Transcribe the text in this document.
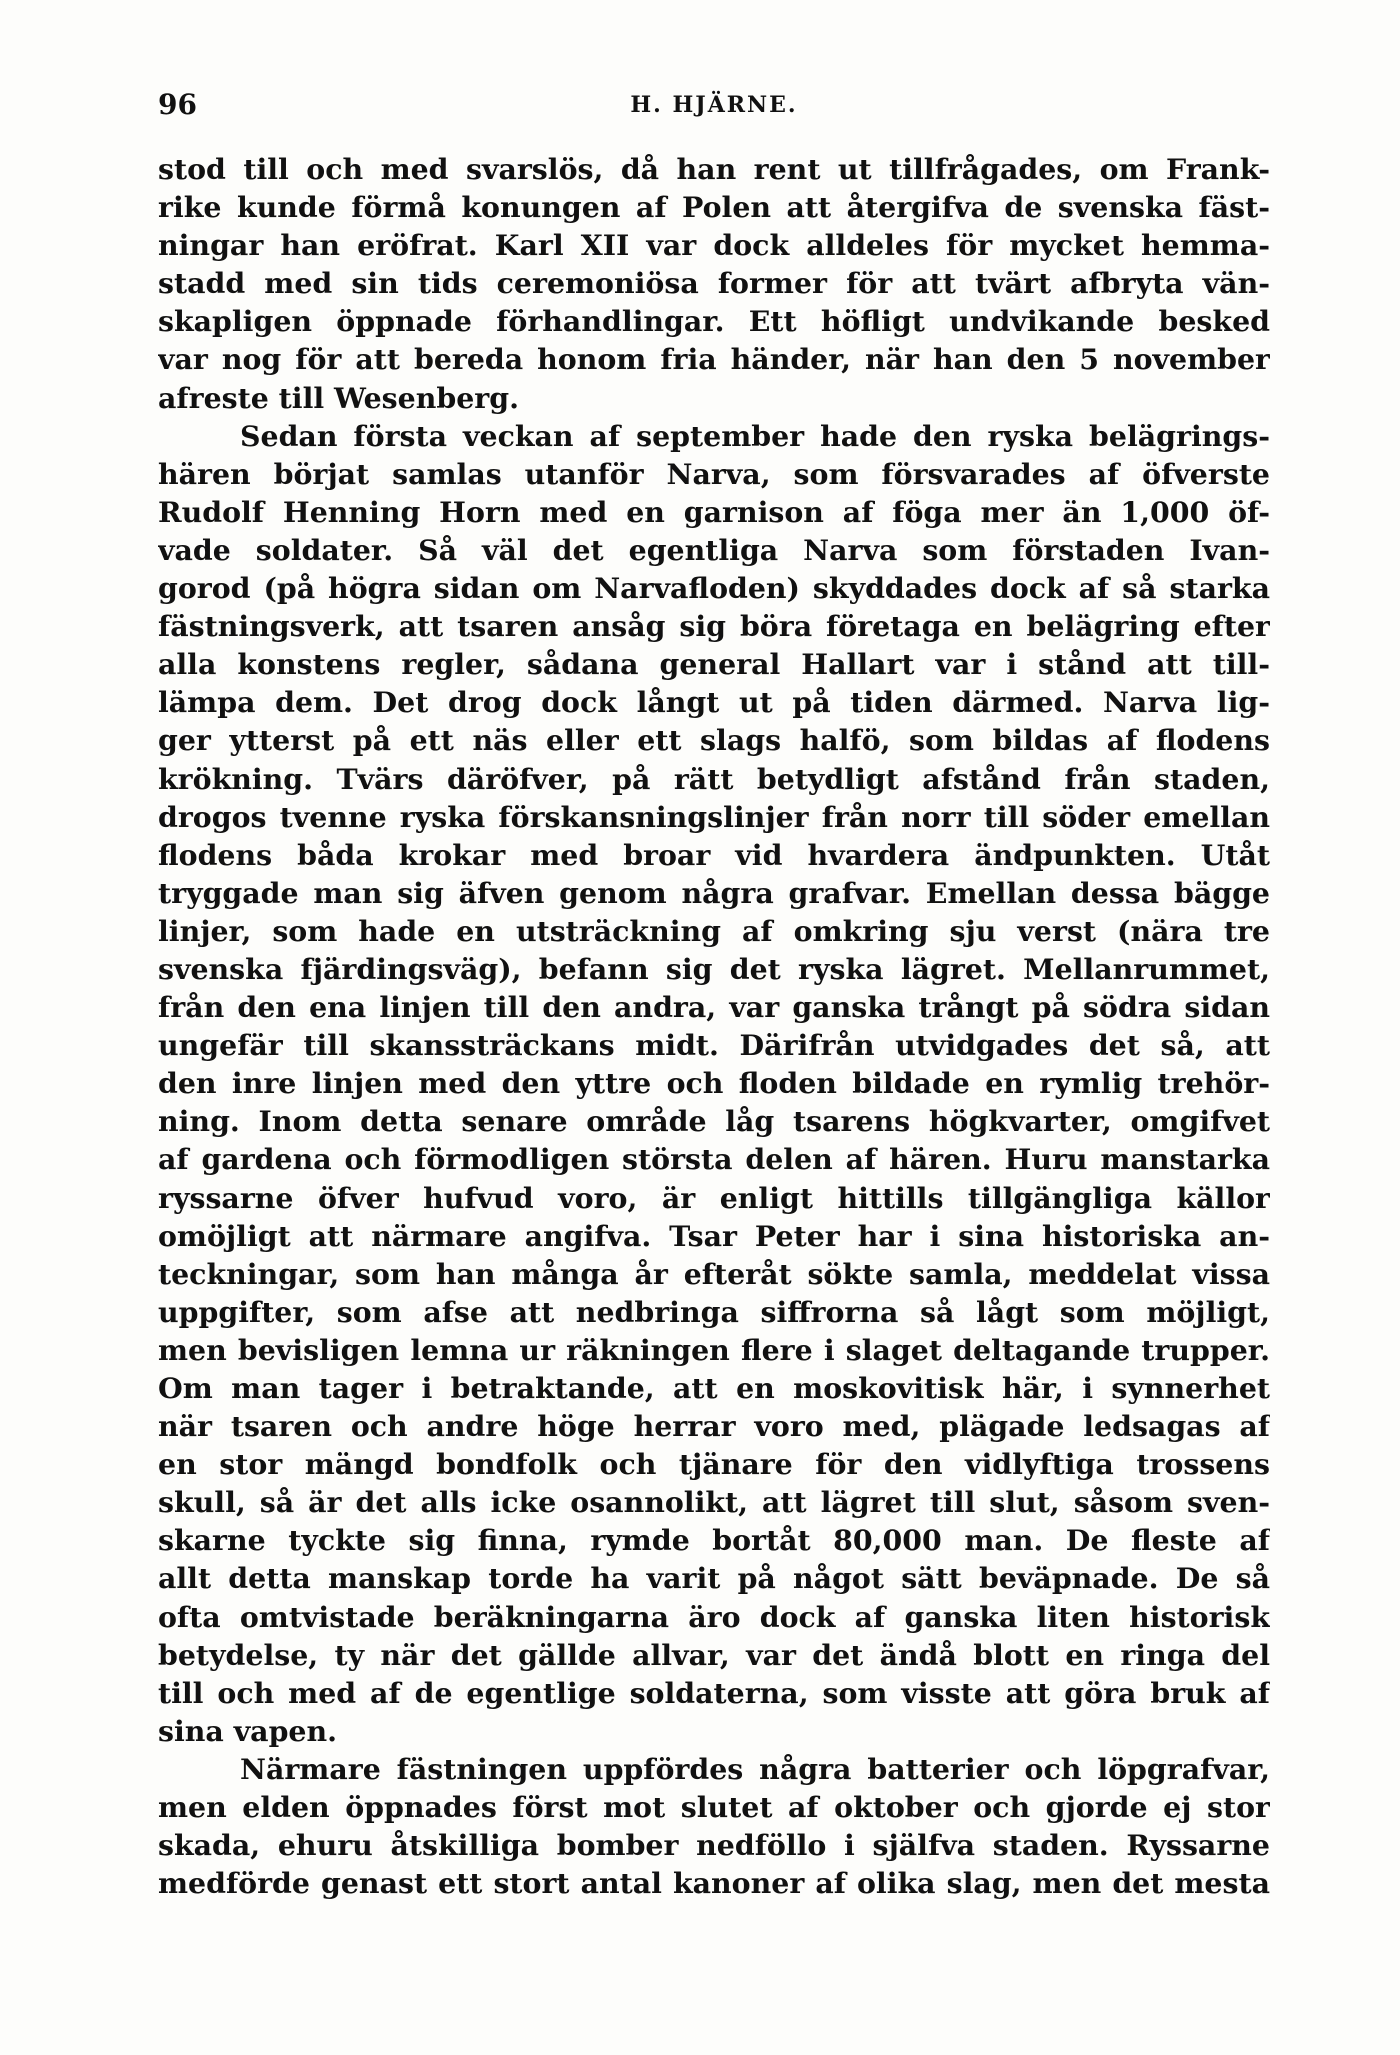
96	H. HJÄRNE.
stod till och med svarslös, då han rent ut tillfrågades, om Frank-
rike kunde förmå konungen af Polen att återgifva de svenska fäst-
ningar han eröfrat. Karl XII var dock alldeles för mycket hemma-
stadd med sin tids ceremoniösa former för att tvärt afbryta vän-
skapligen öppnade förhandlingar. Ett höfligt undvikande besked
var nog för att bereda honom fria händer, när han den 5 november
afreste till Wesenberg.
Sedan första veckan af september hade den ryska belägrings-
hären börjat samlas utanför Narva, som försvarades af öfverste
Rudolf Henning Horn med en garnison af föga mer än 1,000 öf-
vade soldater. Så väl det egentliga Narva som förstaden Ivan-
gorod (på högra sidan om Narvafloden) skyddades dock af så starka
fästningsverk, att tsaren ansåg sig böra företaga en belägring efter
alla konstens regler, sådana general Hallart var i stånd att till-
lämpa dem. Det drog dock långt ut på tiden därmed. Narva lig-
ger ytterst på ett näs eller ett slags halfö, som bildas af flodens
krökning. Tvärs däröfver, på rätt betydligt afstånd från staden,
drogos tvenne ryska förskansningslinjer från norr till söder emellan
flodens båda krokar med broar vid hvardera ändpunkten. Utåt
tryggade man sig äfven genom några grafvar. Emellan dessa bägge
linjer, som hade en utsträckning af omkring sju verst (nära tre
svenska fjärdingsväg), befann sig det ryska lägret. Mellanrummet,
från den ena linjen till den andra, var ganska trångt på södra sidan
ungefär till skanssträckans midt. Därifrån utvidgades det så, att
den inre linjen med den yttre och floden bildade en rymlig trehör-
ning. Inom detta senare område låg tsarens högkvarter, omgifvet
af gardena och förmodligen största delen af hären. Huru manstarka
ryssarne öfver hufvud voro, är enligt hittills tillgängliga källor
omöjligt att närmare angifva. Tsar Peter har i sina historiska an-
teckningar, som han många år efteråt sökte samla, meddelat vissa
uppgifter, som afse att nedbringa siffrorna så lågt som möjligt,
men bevisligen lemna ur räkningen flere i slaget deltagande trupper.
Om man tager i betraktande, att en moskovitisk här, i synnerhet
när tsaren och andre höge herrar voro med, plägade ledsagas af
en stor mängd bondfolk och tjänare för den vidlyftiga trossens
skull, så är det alls icke osannolikt, att lägret till slut, såsom sven-
skarne tyckte sig finna, rymde bortåt 80,000 man. De fleste af
allt detta manskap torde ha varit på något sätt beväpnade. De så
ofta omtvistade beräkningarna äro dock af ganska liten historisk
betydelse, ty när det gällde allvar, var det ändå blott en ringa del
till och med af de egentlige soldaterna, som visste att göra bruk af
sina vapen.
Närmare fästningen uppfördes några batterier och löpgrafvar,
men elden öppnades först mot slutet af oktober och gjorde ej stor
skada, ehuru åtskilliga bomber nedföllo i själfva staden. Ryssarne
medförde genast ett stort antal kanoner af olika slag, men det mesta
